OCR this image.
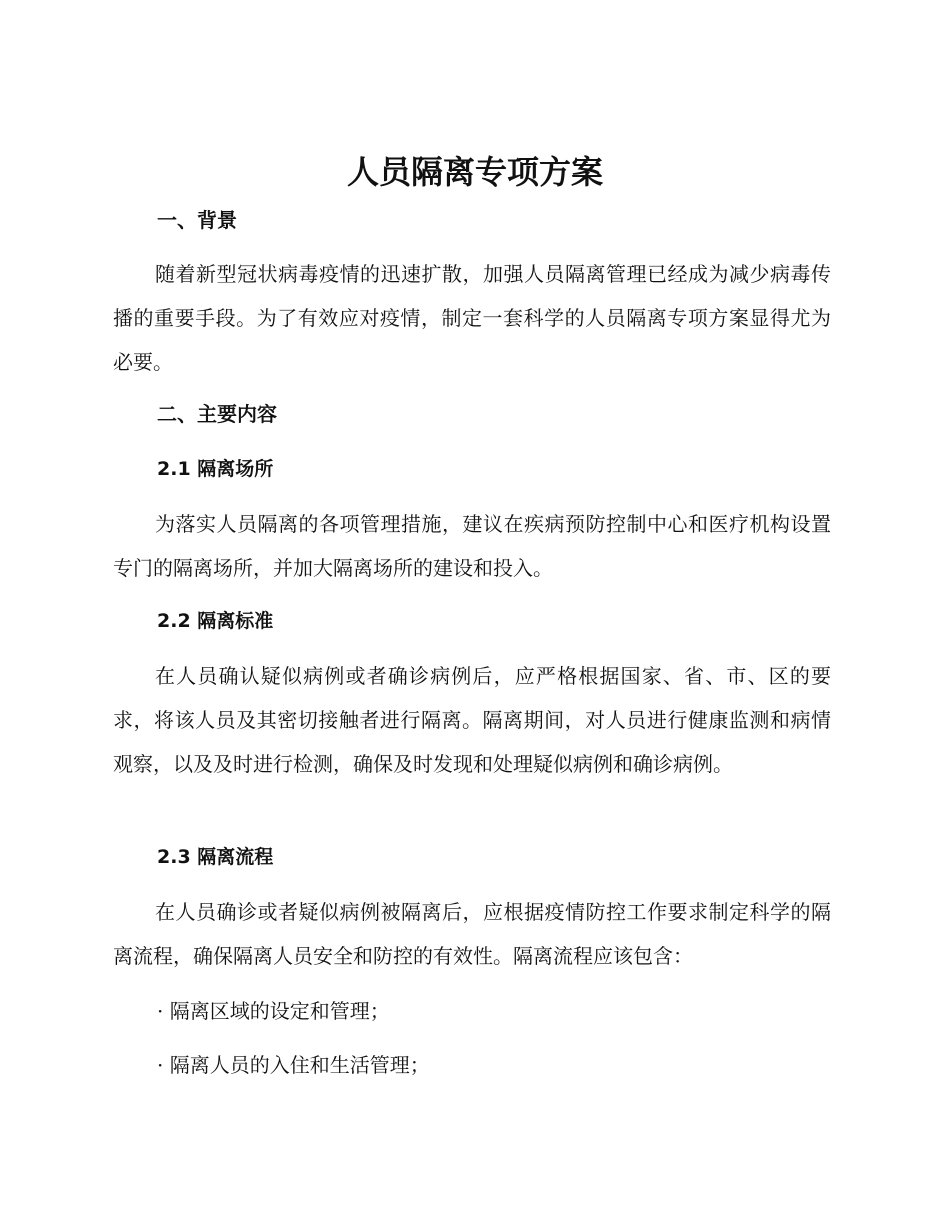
人员隔离专项方案
一、背景

随着新型冠状病毒疫情的迅速扩散，加强人员隔离管理已经成为减少病毒传播的重要手段。为了有效应对疫情，制定一套科学的人员隔离专项方案显得尤为必要。

二、主要内容
2.1 隔离场所

为落实人员隔离的各项管理措施，建议在疾病预防控制中心和医疗机构设置专门的隔离场所，并加大隔离场所的建设和投入。

2.2 隔离标准

在人员确认疑似病例或者确诊病例后，应严格根据国家、省、市、区的要求，将该人员及其密切接触者进行隔离。隔离期间，对人员进行健康监测和病情观察，以及及时进行检测，确保及时发现和处理疑似病例和确诊病例。

2.3 隔离流程

在人员确诊或者疑似病例被隔离后，应根据疫情防控工作要求制定科学的隔离流程，确保隔离人员安全和防控的有效性。隔离流程应该包含：

· 隔离区域的设定和管理；

· 隔离人员的入住和生活管理；
